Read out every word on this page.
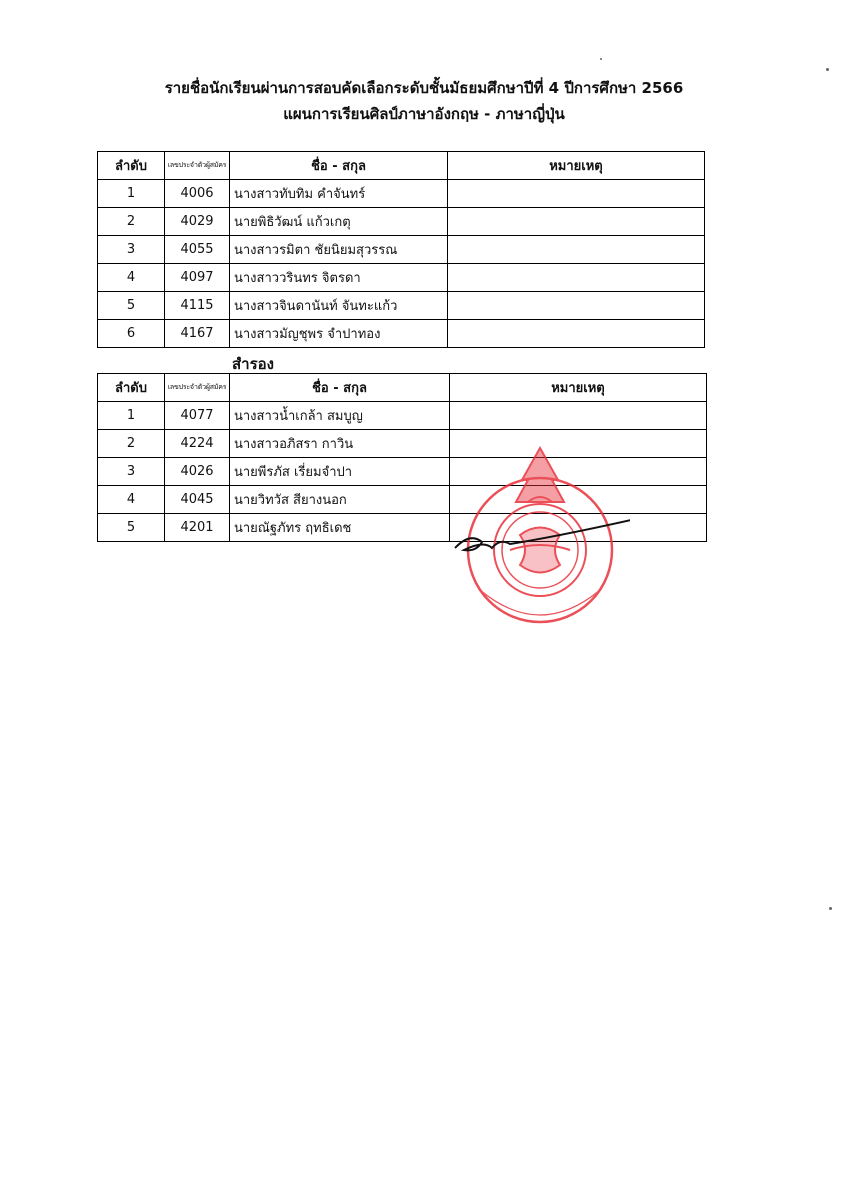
รายชื่อนักเรียนผ่านการสอบคัดเลือกระดับชั้นมัธยมศึกษาปีที่ 4 ปีการศึกษา 2566
แผนการเรียนศิลป์ภาษาอังกฤษ - ภาษาญี่ปุ่น
ลำดับ	เลขประจำตัวผู้สมัคร	ชื่อ - สกุล	หมายเหตุ
1	4006	นางสาวทับทิม คำจันทร์	
2	4029	นายพิธิวัฒน์ แก้วเกตุ	
3	4055	นางสาวรมิตา ชัยนิยมสุวรรณ	
4	4097	นางสาววรินทร จิตรดา	
5	4115	นางสาวจินดานันท์ จันทะแก้ว	
6	4167	นางสาวมัญชุพร จำปาทอง	
สำรอง
ลำดับ	เลขประจำตัวผู้สมัคร	ชื่อ - สกุล	หมายเหตุ
1	4077	นางสาวน้ำเกล้า สมบูญ	
2	4224	นางสาวอภิสรา กาวิน	
3	4026	นายพีรภัส เรี่ยมจำปา	
4	4045	นายวิทวัส สียางนอก	
5	4201	นายณัฐภัทร ฤทธิเดช	
